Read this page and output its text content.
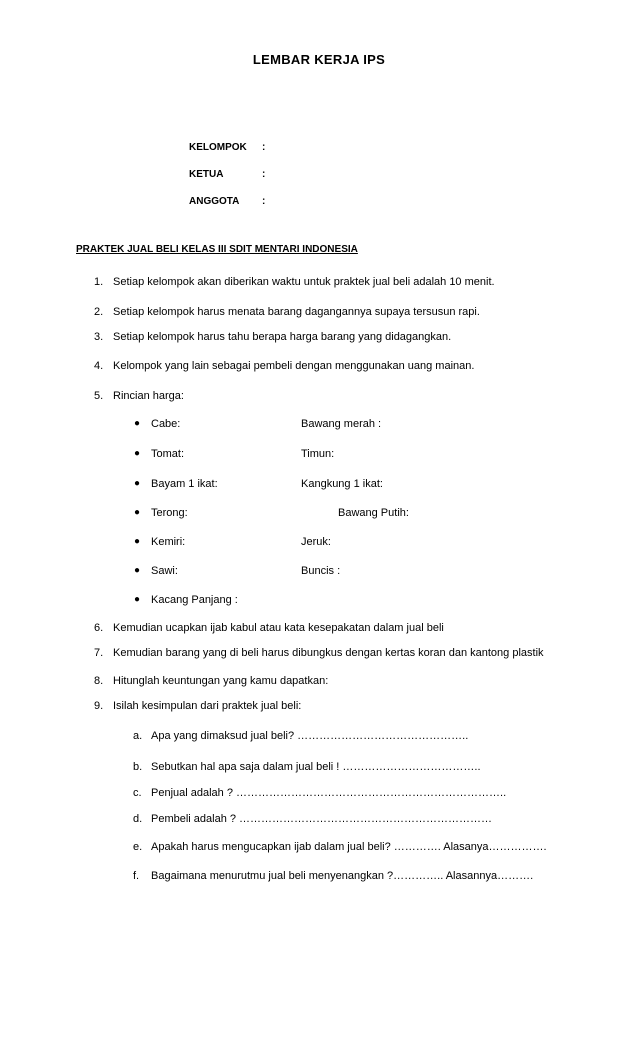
LEMBAR KERJA IPS
KELOMPOK :
KETUA	:
ANGGOTA :
PRAKTEK JUAL BELI KELAS III SDIT MENTARI INDONESIA
1. Setiap kelompok akan diberikan waktu untuk praktek jual beli adalah 10 menit.
2. Setiap kelompok harus menata barang dagangannya supaya tersusun rapi.
3. Setiap kelompok harus tahu berapa harga barang yang didagangkan.
4. Kelompok yang lain sebagai pembeli dengan menggunakan uang mainan.
5. Rincian harga:
● Cabe:	Bawang merah :
● Tomat:	Timun:
● Bayam 1 ikat:	Kangkung 1 ikat:
● Terong:	Bawang Putih:
● Kemiri:	Jeruk:
● Sawi:	Buncis :
● Kacang Panjang :
6. Kemudian ucapkan ijab kabul atau kata kesepakatan dalam jual beli
7. Kemudian barang yang di beli harus dibungkus dengan kertas koran dan kantong plastik
8. Hitunglah keuntungan yang kamu dapatkan:
9. Isilah kesimpulan dari praktek jual beli:
a. Apa yang dimaksud jual beli? ………………………………………..
b. Sebutkan hal apa saja dalam jual beli ! ………………………………..
c. Penjual adalah ? ………………………………………………………………..
d. Pembeli adalah ? ……………………………………………………………
e. Apakah harus mengucapkan ijab dalam jual beli? …………. Alasanya…………….
f. Bagaimana menurutmu jual beli menyenangkan ?………….. Alasannya……….
